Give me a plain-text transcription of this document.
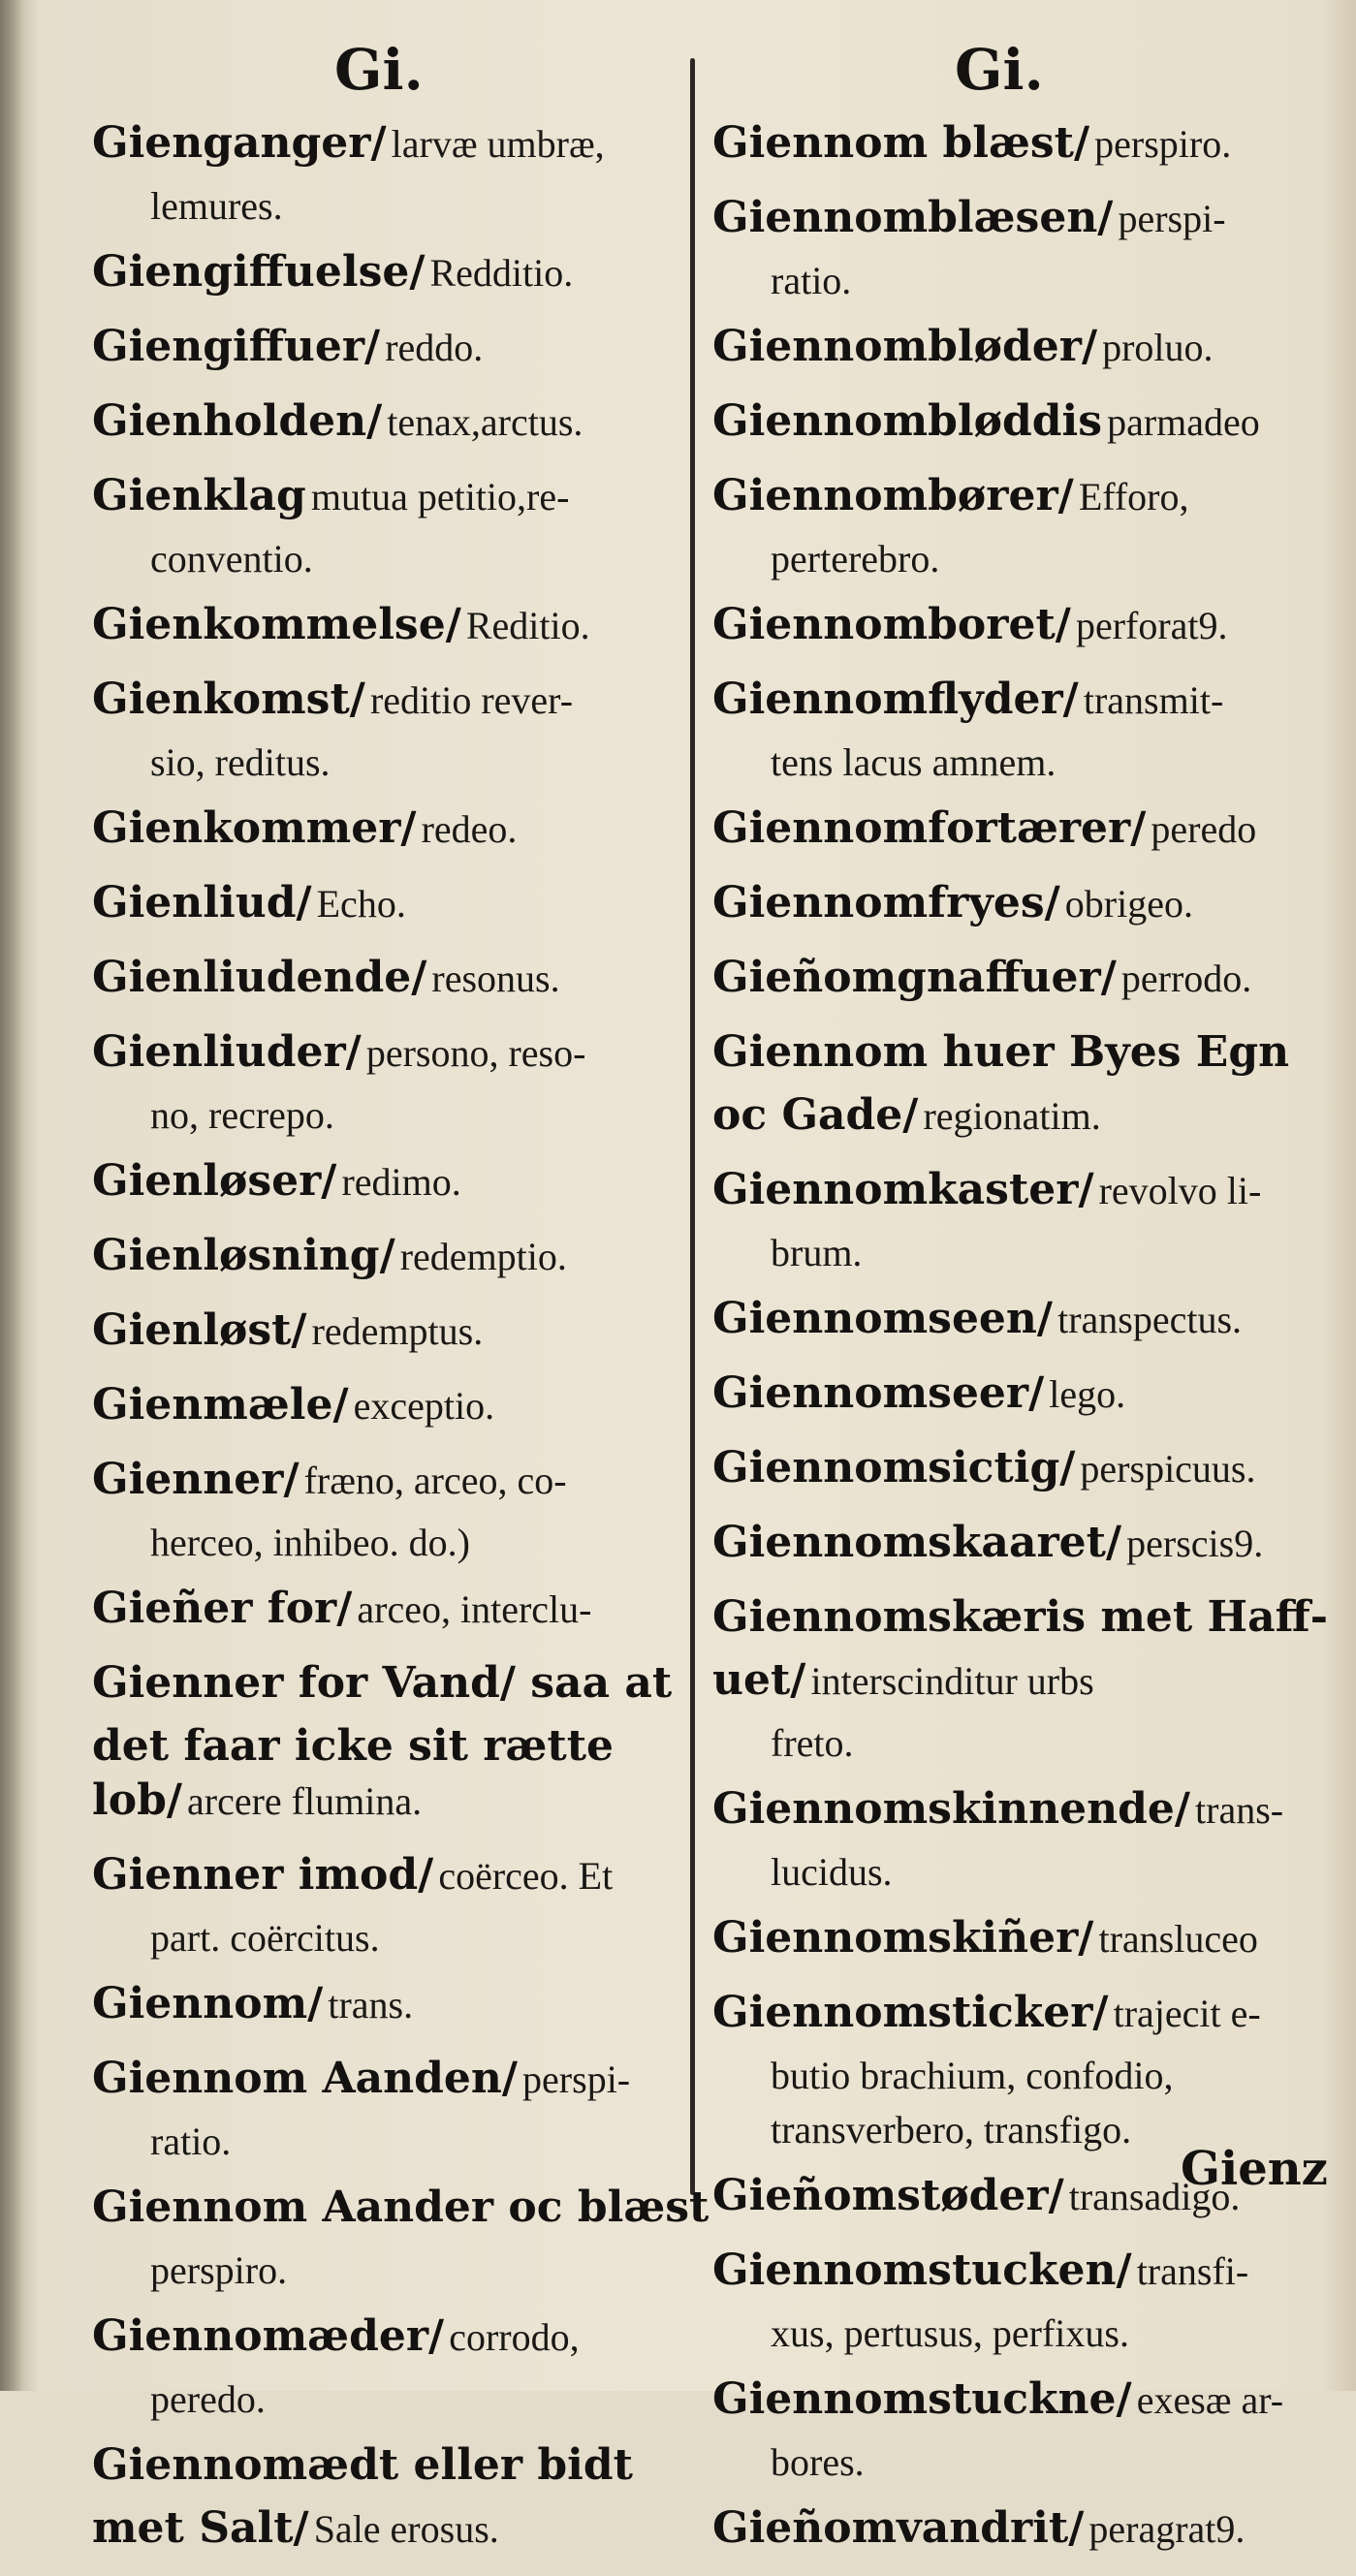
Gi.	Gi.
Gienganger/ larvæ umbræ,
lemures.
Giengiffuelse/ Redditio.
Giengiffuer/ reddo.
Gienholden/ tenax,arctus.
Gienklag mutua petitio,re-
conventio.
Gienkommelse/ Reditio.
Gienkomst/ reditio rever-
sio, reditus.
Gienkommer/ redeo.
Gienliud/ Echo.
Gienliudende/ resonus.
Gienliuder/ persono, reso-
no, recrepo.
Gienløser/ redimo.
Gienløsning/ redemptio.
Gienløst/ redemptus.
Gienmæle/ exceptio.
Gienner/ fræno, arceo, co-
herceo, inhibeo. do.)
Gieñer for/ arceo, interclu-
Gienner for Vand/ saa at
det faar icke sit rætte
lob/ arcere flumina.
Gienner imod/ coërceo. Et
part. coërcitus.
Giennom/ trans.
Giennom Aanden/ perspi-
ratio.
Giennom Aander oc blæst
perspiro.
Giennomæder/ corrodo,
peredo.
Giennomædt eller bidt
met Salt/ Sale erosus.
Giennom blæst/ perspiro.
Giennomblæsen/ perspi-
ratio.
Giennombløder/ proluo.
Giennombløddis parmadeo
Giennombører/ Efforo,
perterebro.
Giennomboret/ perforat9.
Giennomflyder/ transmit-
tens lacus amnem.
Giennomfortærer/ peredo
Giennomfryes/ obrigeo.
Gieñomgnaffuer/ perrodo.
Giennom huer Byes Egn
oc Gade/ regionatim.
Giennomkaster/ revolvo li-
brum.
Giennomseen/ transpectus.
Giennomseer/ lego.
Giennomsictig/ perspicuus.
Giennomskaaret/ perscis9.
Giennomskæris met Haff-
uet/ interscinditur urbs
freto.
Giennomskinnende/ trans-
lucidus.
Giennomskiñer/ transluceo
Giennomsticker/ trajecit e-
butio brachium, confodio,
transverbero, transfigo.
Gieñomstøder/ transadigo.
Giennomstucken/ transfi-
xus, pertusus, perfixus.
Giennomstuckne/ exesæ ar-
bores.
Gieñomvandrit/ peragrat9.
Gienz
